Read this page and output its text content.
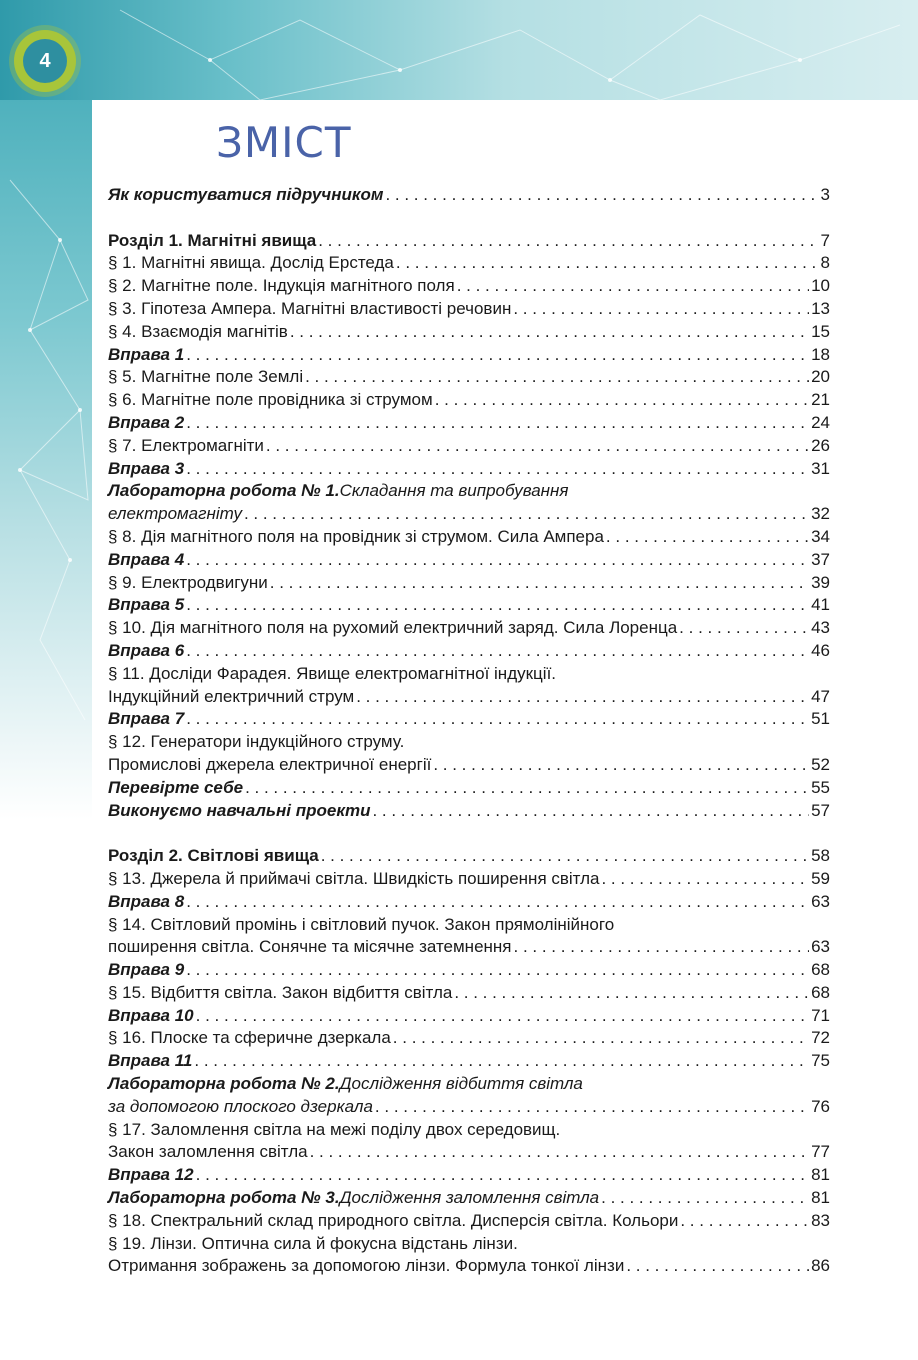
4
ЗМІСТ
Як користуватися підручником . . .	3
Розділ 1. Магнітні явища . . .	7
§ 1. Магнітні явища. Дослід Ерстеда . . .	8
§ 2. Магнітне поле. Індукція магнітного поля . . .	10
§ 3. Гіпотеза Ампера. Магнітні властивості речовин . . .	13
§ 4. Взаємодія магнітів . . .	15
Вправа 1 . . .	18
§ 5. Магнітне поле Землі . . .	20
§ 6. Магнітне поле провідника зі струмом . . .	21
Вправа 2 . . .	24
§ 7. Електромагніти . . .	26
Вправа 3 . . .	31
Лабораторна робота № 1. Складання та випробування
електромагніту . . .	32
§ 8. Дія магнітного поля на провідник зі струмом. Сила Ампера . . .	34
Вправа 4 . . .	37
§ 9. Електродвигуни . . .	39
Вправа 5 . . .	41
§ 10. Дія магнітного поля на рухомий електричний заряд. Сила Лоренца . . .	43
Вправа 6 . . .	46
§ 11. Досліди Фарадея. Явище електромагнітної індукції.
Індукційний електричний струм . . .	47
Вправа 7 . . .	51
§ 12. Генератори індукційного струму.
Промислові джерела електричної енергії . . .	52
Перевірте себе . . .	55
Виконуємо навчальні проекти . . .	57
Розділ 2. Світлові явища . . .	58
§ 13. Джерела й приймачі світла. Швидкість поширення світла . . .	59
Вправа 8 . . .	63
§ 14. Світловий промінь і світловий пучок. Закон прямолінійного
поширення світла. Сонячне та місячне затемнення . . .	63
Вправа 9 . . .	68
§ 15. Відбиття світла. Закон відбиття світла . . .	68
Вправа 10 . . .	71
§ 16. Плоске та сферичне дзеркала . . .	72
Вправа 11 . . .	75
Лабораторна робота № 2. Дослідження відбиття світла
за допомогою плоского дзеркала . . .	76
§ 17. Заломлення світла на межі поділу двох середовищ.
Закон заломлення світла . . .	77
Вправа 12 . . .	81
Лабораторна робота № 3. Дослідження заломлення світла . . .	81
§ 18. Спектральний склад природного світла. Дисперсія світла. Кольори . . .	83
§ 19. Лінзи. Оптична сила й фокусна відстань лінзи.
Отримання зображень за допомогою лінзи. Формула тонкої лінзи . . .	86
